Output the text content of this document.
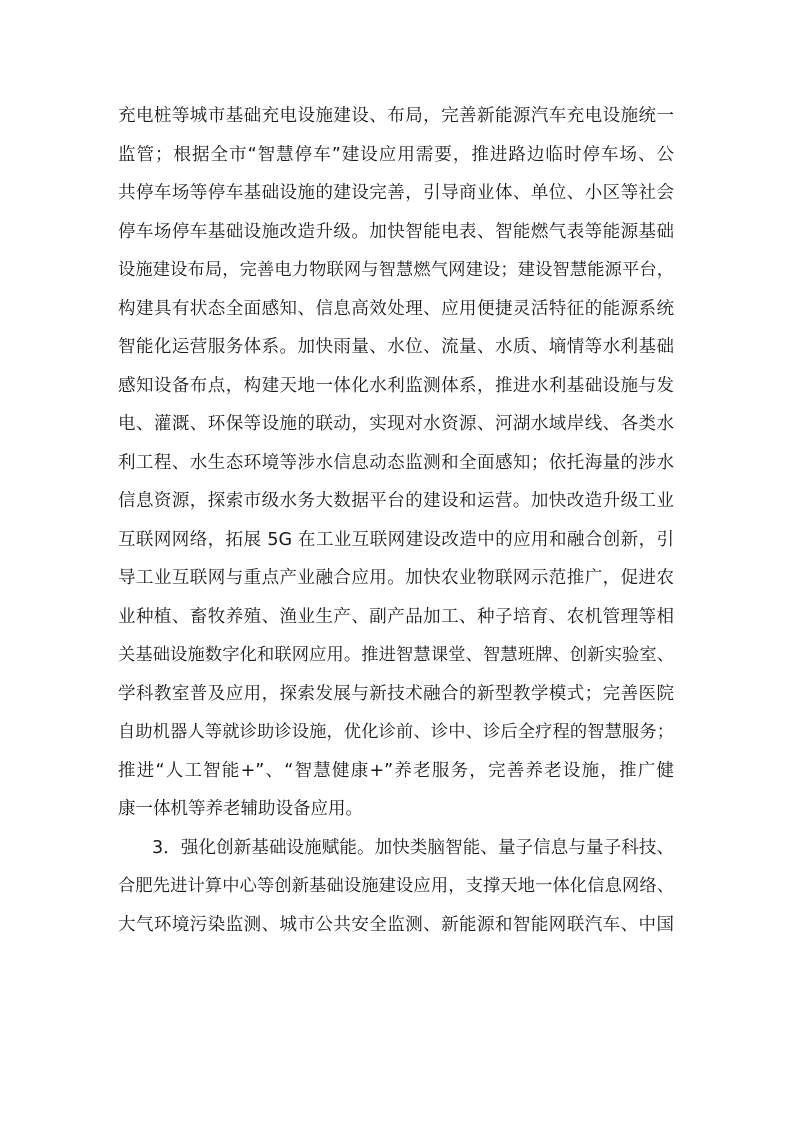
充电桩等城市基础充电设施建设、布局，完善新能源汽车充电设施统一
监管；根据全市“智慧停车”建设应用需要，推进路边临时停车场、公
共停车场等停车基础设施的建设完善，引导商业体、单位、小区等社会
停车场停车基础设施改造升级。加快智能电表、智能燃气表等能源基础
设施建设布局，完善电力物联网与智慧燃气网建设；建设智慧能源平台，
构建具有状态全面感知、信息高效处理、应用便捷灵活特征的能源系统
智能化运营服务体系。加快雨量、水位、流量、水质、墒情等水利基础
感知设备布点，构建天地一体化水利监测体系，推进水利基础设施与发
电、灌溉、环保等设施的联动，实现对水资源、河湖水域岸线、各类水
利工程、水生态环境等涉水信息动态监测和全面感知；依托海量的涉水
信息资源，探索市级水务大数据平台的建设和运营。加快改造升级工业
互联网网络，拓展 5G 在工业互联网建设改造中的应用和融合创新，引
导工业互联网与重点产业融合应用。加快农业物联网示范推广，促进农
业种植、畜牧养殖、渔业生产、副产品加工、种子培育、农机管理等相
关基础设施数字化和联网应用。推进智慧课堂、智慧班牌、创新实验室、
学科教室普及应用，探索发展与新技术融合的新型教学模式；完善医院
自助机器人等就诊助诊设施，优化诊前、诊中、诊后全疗程的智慧服务；
推进“人工智能+”、“智慧健康+”养老服务，完善养老设施，推广健
康一体机等养老辅助设备应用。
3．强化创新基础设施赋能。加快类脑智能、量子信息与量子科技、
合肥先进计算中心等创新基础设施建设应用，支撑天地一体化信息网络、
大气环境污染监测、城市公共安全监测、新能源和智能网联汽车、中国
